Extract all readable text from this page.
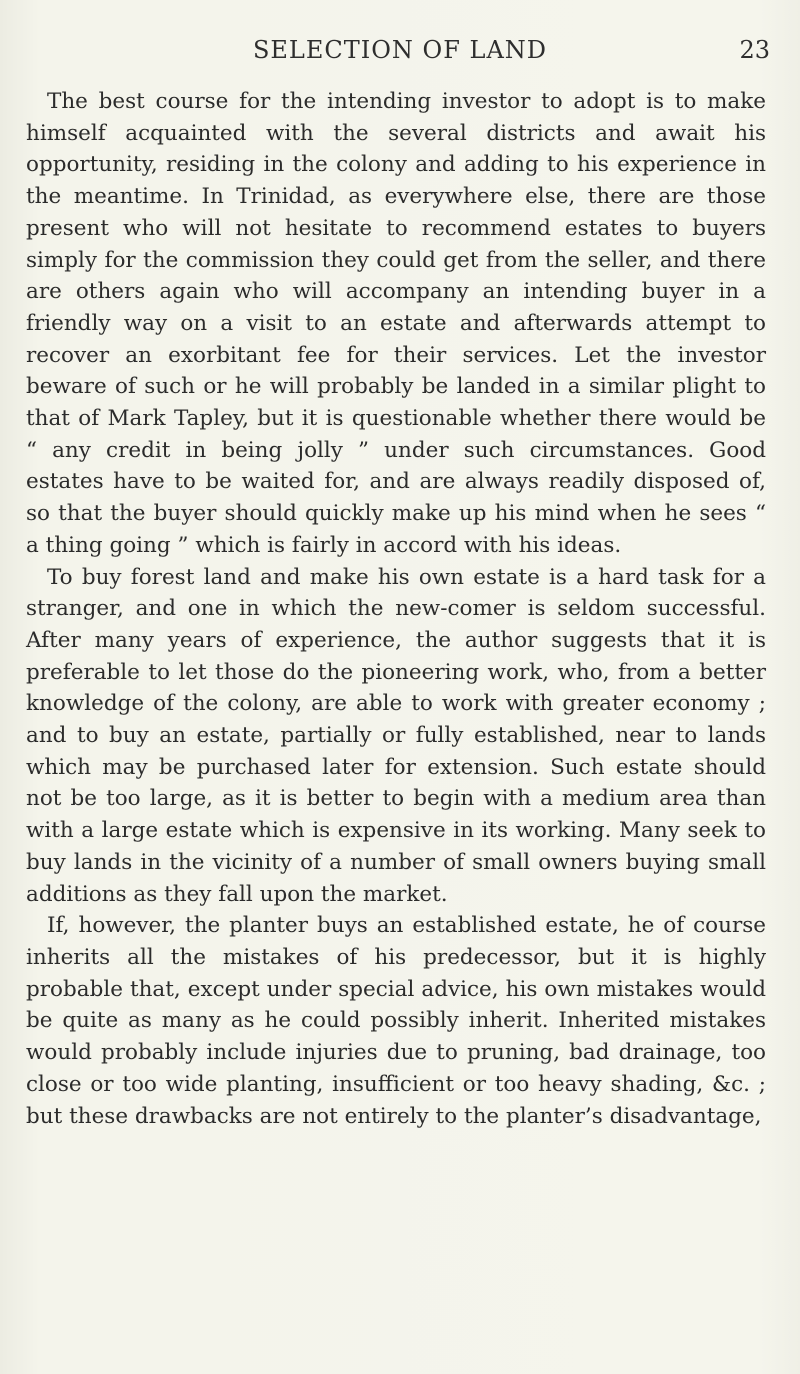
SELECTION OF LAND	23

The best course for the intending investor to adopt is to make himself acquainted with the several districts and await his opportunity, residing in the colony and adding to his experience in the meantime. In Trinidad, as everywhere else, there are those present who will not hesitate to recommend estates to buyers simply for the commission they could get from the seller, and there are others again who will accompany an intending buyer in a friendly way on a visit to an estate and afterwards attempt to recover an exorbitant fee for their services. Let the investor beware of such or he will probably be landed in a similar plight to that of Mark Tapley, but it is questionable whether there would be “ any credit in being jolly ” under such circumstances. Good estates have to be waited for, and are always readily disposed of, so that the buyer should quickly make up his mind when he sees “ a thing going ” which is fairly in accord with his ideas.

To buy forest land and make his own estate is a hard task for a stranger, and one in which the new-comer is seldom successful. After many years of experience, the author suggests that it is preferable to let those do the pioneering work, who, from a better knowledge of the colony, are able to work with greater economy ; and to buy an estate, partially or fully established, near to lands which may be purchased later for extension. Such estate should not be too large, as it is better to begin with a medium area than with a large estate which is expensive in its working. Many seek to buy lands in the vicinity of a number of small owners buying small additions as they fall upon the market.

If, however, the planter buys an established estate, he of course inherits all the mistakes of his predecessor, but it is highly probable that, except under special advice, his own mistakes would be quite as many as he could possibly inherit. Inherited mistakes would probably include injuries due to pruning, bad drainage, too close or too wide planting, insufficient or too heavy shading, &c. ; but these drawbacks are not entirely to the planter’s disadvantage,
